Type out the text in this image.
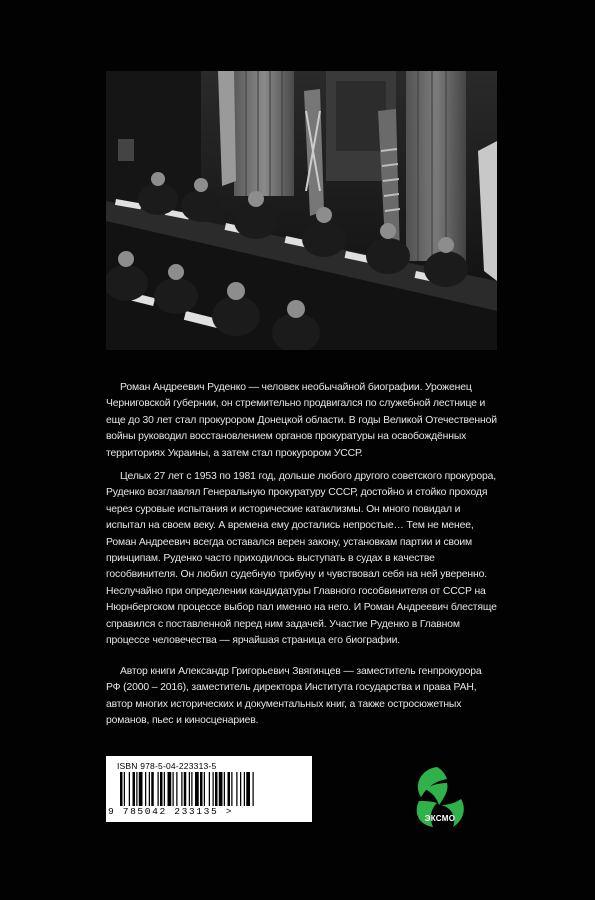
Роман Андреевич Руденко — человек необычайной биографии. Уроженец Черниговской губернии, он стремительно продвигался по служебной лестнице и еще до 30 лет стал прокурором Донецкой области. В годы Великой Отечественной войны руководил восстановлением органов прокуратуры на освобождённых территориях Украины, а затем стал прокурором УССР.

Целых 27 лет с 1953 по 1981 год, дольше любого другого советского прокурора, Руденко возглавлял Генеральную прокуратуру СССР, достойно и стойко проходя через суровые испытания и исторические катаклизмы. Он много повидал и испытал на своем веку. А времена ему достались непростые… Тем не менее, Роман Андреевич всегда оставался верен закону, установкам партии и своим принципам. Руденко часто приходилось выступать в судах в качестве гособвинителя. Он любил судебную трибуну и чувствовал себя на ней уверенно. Неслучайно при определении кандидатуры Главного гособвинителя от СССР на Нюрнбергском процессе выбор пал именно на него. И Роман Андреевич блестяще справился с поставленной перед ним задачей. Участие Руденко в Главном процессе человечества — ярчайшая страница его биографии.

Автор книги Александр Григорьевич Звягинцев — заместитель генпрокурора РФ (2000 – 2016), заместитель директора Института государства и права РАН, автор многих исторических и документальных книг, а также остросюжетных романов, пьес и киносценариев.

ISBN 978-5-04-223313-5
9 785042 233135 >
ЭКСМО
